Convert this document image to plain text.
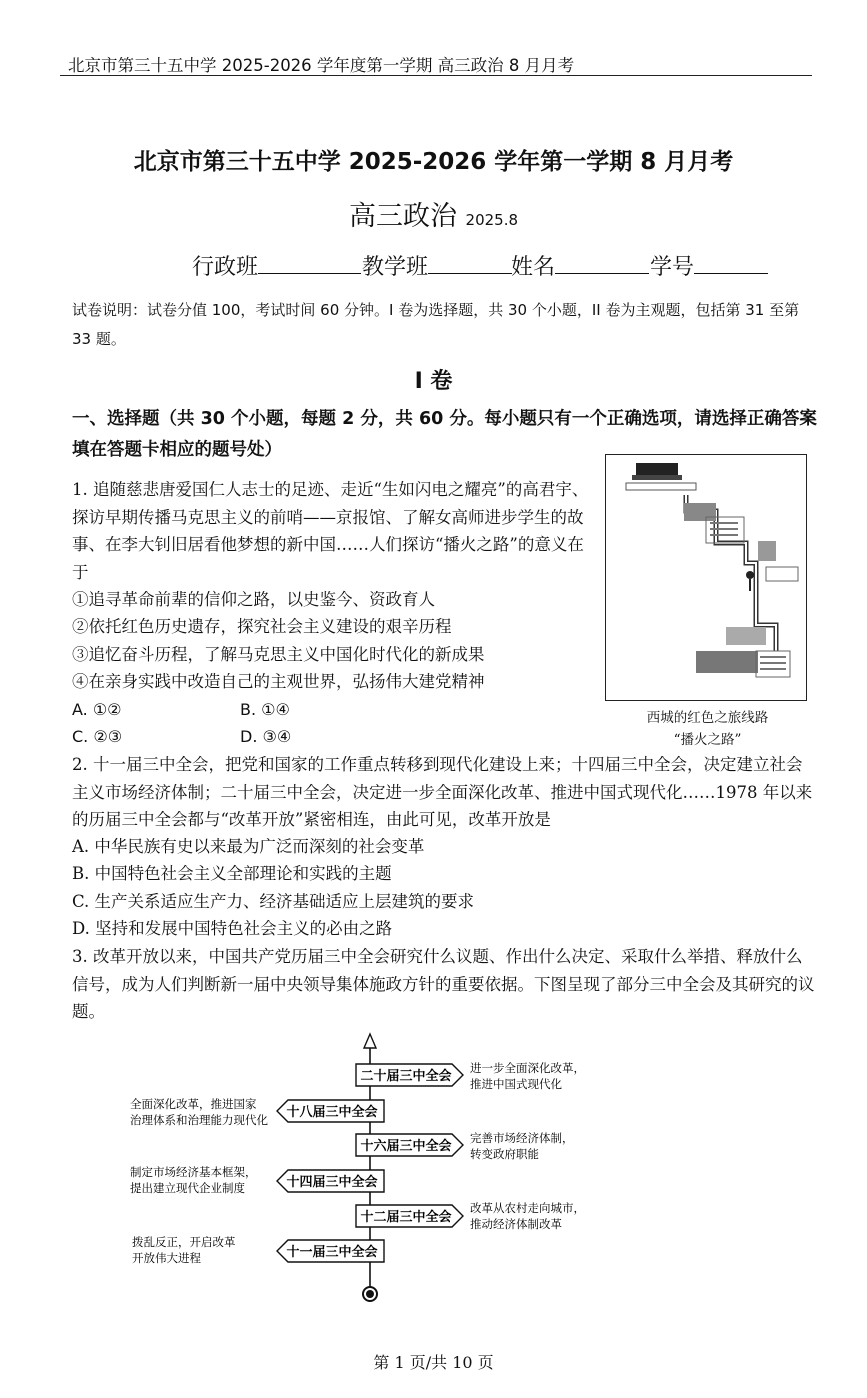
北京市第三十五中学 2025-2026 学年度第一学期 高三政治 8 月月考
北京市第三十五中学 2025-2026 学年第一学期 8 月月考
高三政治 2025.8
行政班	教学班	姓名	学号
试卷说明：试卷分值 100，考试时间 60 分钟。I 卷为选择题，共 30 个小题，II 卷为主观题，包括第 31 至第 33 题。
I 卷
一、选择题（共 30 个小题，每题 2 分，共 60 分。每小题只有一个正确选项，请选择正确答案填在答题卡相应的题号处）
1. 追随慈悲唐爱国仁人志士的足迹、走近“生如闪电之耀亮”的高君宇、探访早期传播马克思主义的前哨——京报馆、了解女高师进步学生的故事、在李大钊旧居看他梦想的新中国……人们探访“播火之路”的意义在于
①追寻革命前辈的信仰之路，以史鉴今、资政育人
②依托红色历史遗存，探究社会主义建设的艰辛历程
③追忆奋斗历程，了解马克思主义中国化时代化的新成果
④在亲身实践中改造自己的主观世界，弘扬伟大建党精神
A. ①②	B. ①④
C. ②③	D. ③④
西城的红色之旅线路
“播火之路”
2. 十一届三中全会，把党和国家的工作重点转移到现代化建设上来；十四届三中全会，决定建立社会主义市场经济体制；二十届三中全会，决定进一步全面深化改革、推进中国式现代化……1978 年以来的历届三中全会都与“改革开放”紧密相连，由此可见，改革开放是
A. 中华民族有史以来最为广泛而深刻的社会变革
B. 中国特色社会主义全部理论和实践的主题
C. 生产关系适应生产力、经济基础适应上层建筑的要求
D. 坚持和发展中国特色社会主义的必由之路
3. 改革开放以来，中国共产党历届三中全会研究什么议题、作出什么决定、采取什么举措、释放什么信号，成为人们判断新一届中央领导集体施政方针的重要依据。下图呈现了部分三中全会及其研究的议题。
二十届三中全会
进一步全面深化改革，
推进中国式现代化
十八届三中全会
全面深化改革，推进国家
治理体系和治理能力现代化
十六届三中全会
完善市场经济体制，
转变政府职能
十四届三中全会
制定市场经济基本框架，
提出建立现代企业制度
十二届三中全会
改革从农村走向城市，
推动经济体制改革
十一届三中全会
拨乱反正，开启改革
开放伟大进程
第 1 页/共 10 页
